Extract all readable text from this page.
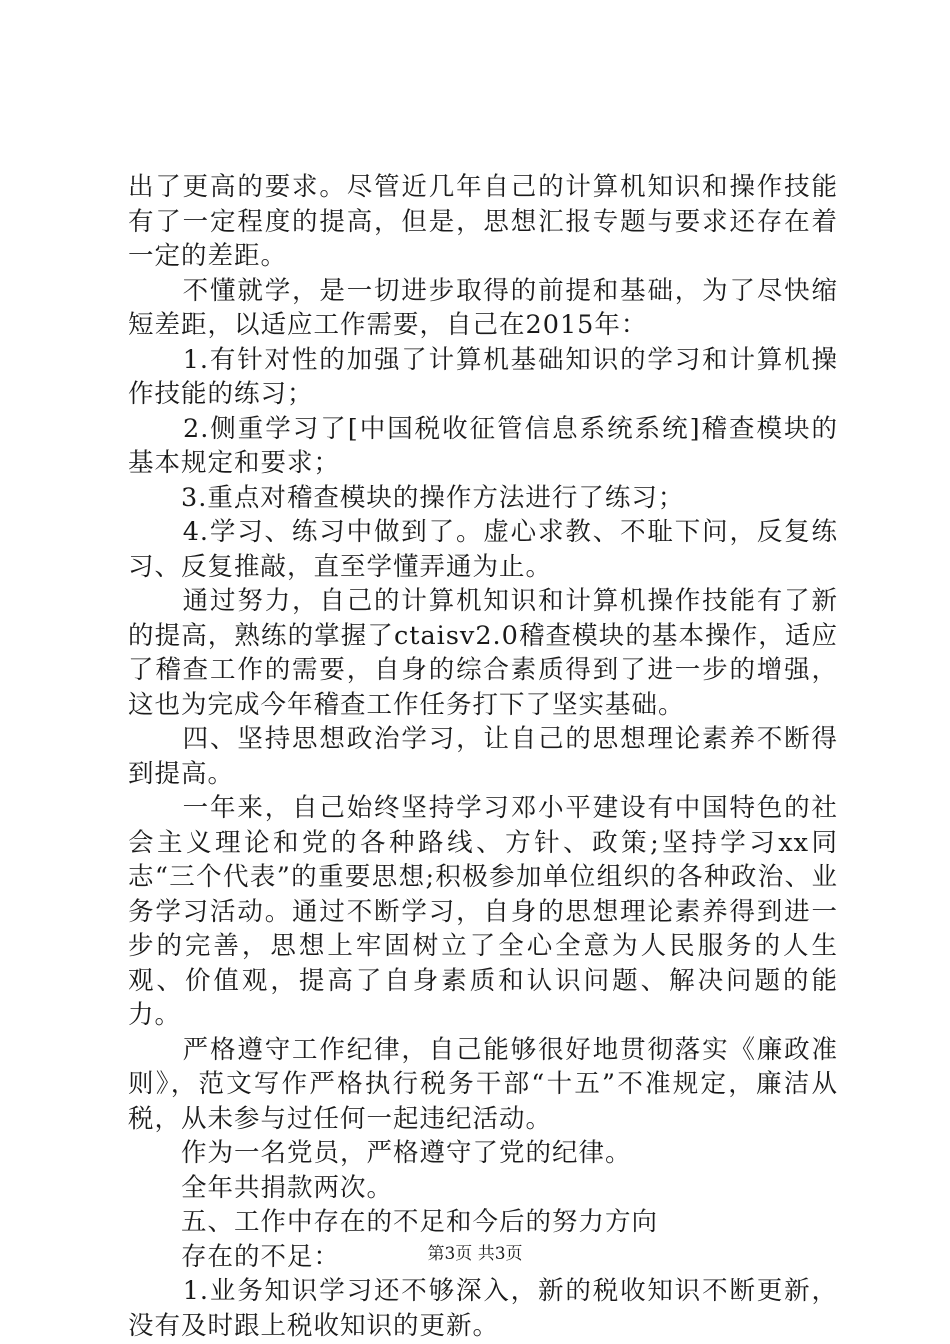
出了更高的要求。尽管近几年自己的计算机知识和操作技能有了一定程度的提高，但是，思想汇报专题与要求还存在着一定的差距。

　　不懂就学，是一切进步取得的前提和基础，为了尽快缩短差距，以适应工作需要，自己在2015年：

　　1.有针对性的加强了计算机基础知识的学习和计算机操作技能的练习；

　　2.侧重学习了[中国税收征管信息系统系统]稽查模块的基本规定和要求；

　　3.重点对稽查模块的操作方法进行了练习；

　　4.学习、练习中做到了。虚心求教、不耻下问，反复练习、反复推敲，直至学懂弄通为止。

　　通过努力，自己的计算机知识和计算机操作技能有了新的提高，熟练的掌握了ctaisv2.0稽查模块的基本操作，适应了稽查工作的需要，自身的综合素质得到了进一步的增强，这也为完成今年稽查工作任务打下了坚实基础。

　　四、坚持思想政治学习，让自己的思想理论素养不断得到提高。

　　一年来，自己始终坚持学习邓小平建设有中国特色的社会主义理论和党的各种路线、方针、政策;坚持学习xx同志“三个代表”的重要思想;积极参加单位组织的各种政治、业务学习活动。通过不断学习，自身的思想理论素养得到进一步的完善，思想上牢固树立了全心全意为人民服务的人生观、价值观，提高了自身素质和认识问题、解决问题的能力。

　　严格遵守工作纪律，自己能够很好地贯彻落实《廉政准则》，范文写作严格执行税务干部“十五”不准规定，廉洁从税，从未参与过任何一起违纪活动。

　　作为一名党员，严格遵守了党的纪律。

　　全年共捐款两次。

　　五、工作中存在的不足和今后的努力方向

　　存在的不足：

　　1.业务知识学习还不够深入，新的税收知识不断更新，没有及时跟上税收知识的更新。

第3页 共3页
